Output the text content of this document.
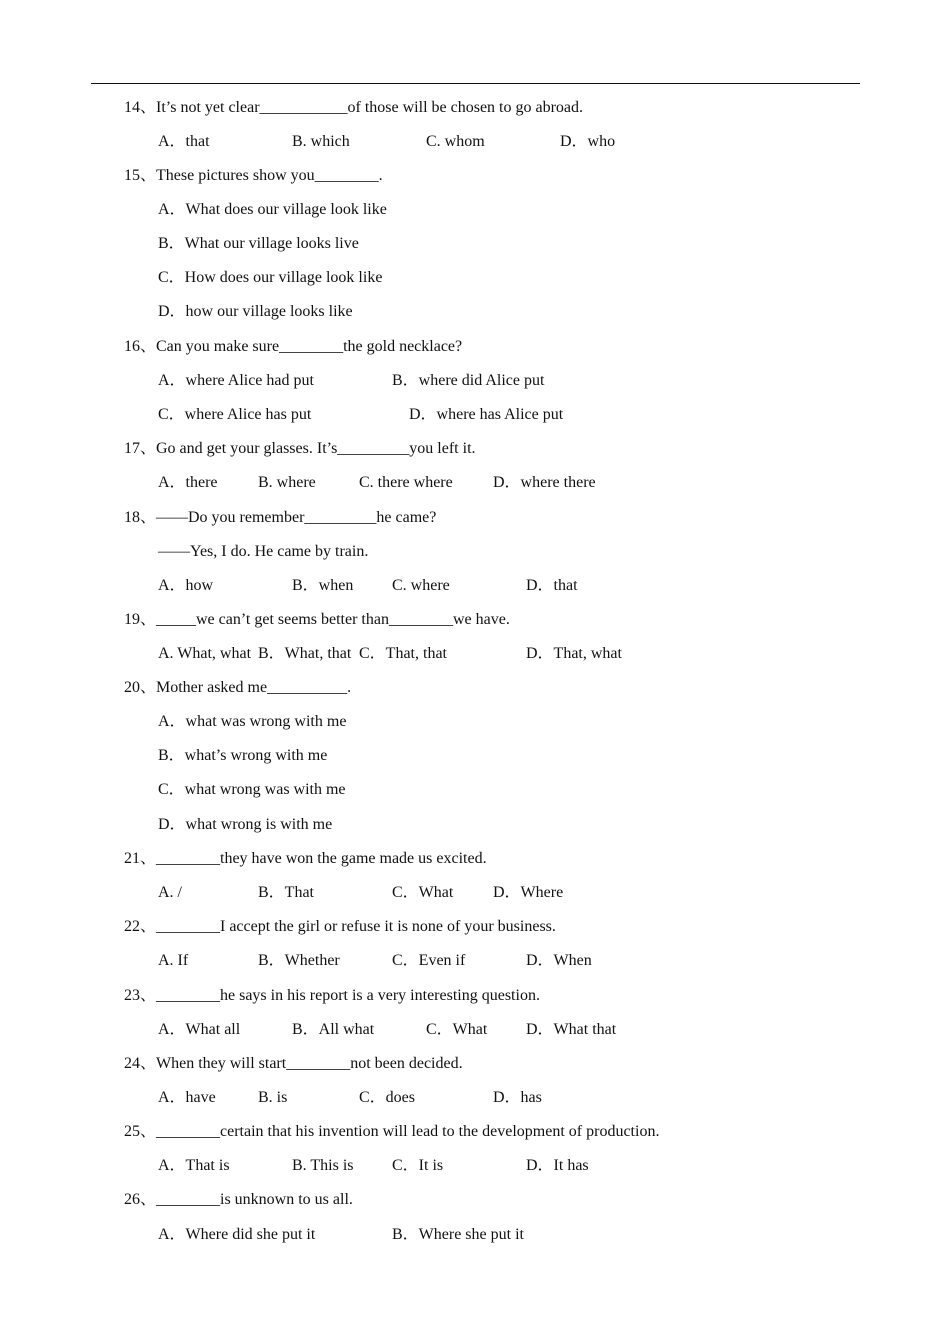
14、It’s not yet clear___________of those will be chosen to go abroad.
A．that	B. which	C. whom	D．who
15、These pictures show you________.
A．What does our village look like
B．What our village looks live
C．How does our village look like
D．how our village looks like
16、Can you make sure________the gold necklace?
A．where Alice had put	B．where did Alice put
C．where Alice has put	D．where has Alice put
17、Go and get your glasses. It’s_________you left it.
A．there	B. where	C. there where	D．where there
18、——Do you remember_________he came?
——Yes, I do. He came by train.
A．how	B．when C. where	D．that
19、_____we can’t get seems better than________we have.
A. What, what B．What, that C．That, that	D．That, what
20、Mother asked me__________.
A．what was wrong with me
B．what’s wrong with me
C．what wrong was with me
D．what wrong is with me
21、________they have won the game made us excited.
A. /	B．That	C．What D．Where
22、________I accept the girl or refuse it is none of your business.
A. If	B．Whether	C．Even if	D．When
23、________he says in his report is a very interesting question.
A．What all	B．All what	C．What D．What that
24、When they will start________not been decided.
A．have	B. is	C．does	D．has
25、________certain that his invention will lead to the development of production.
A．That is	B. This is C．It is	D．It has
26、________is unknown to us all.
A．Where did she put it	B．Where she put it
